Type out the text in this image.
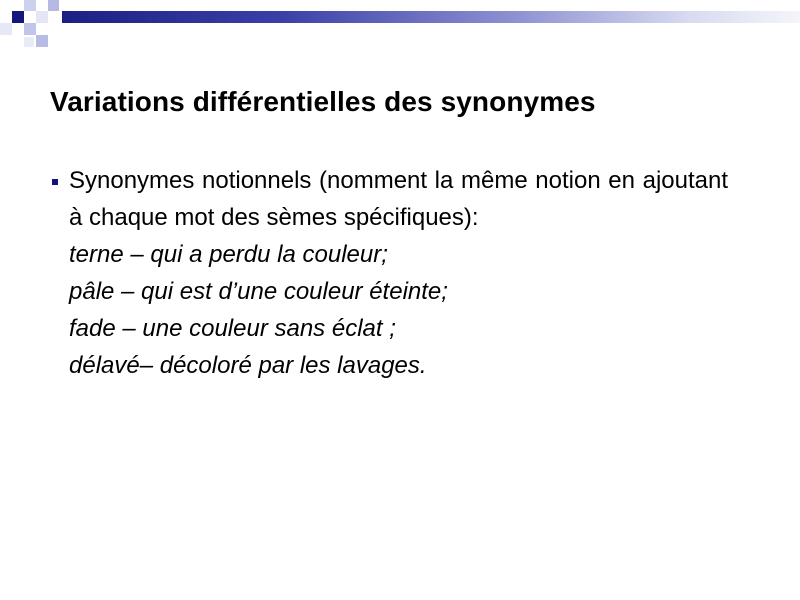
Variations différentielles des synonymes

Synonymes notionnels (nomment la même notion en ajoutant à chaque mot des sèmes spécifiques):

terne – qui a perdu la couleur;

pâle – qui est d’une couleur éteinte;

fade – une couleur sans éclat ;

délavé– décoloré par les lavages.
